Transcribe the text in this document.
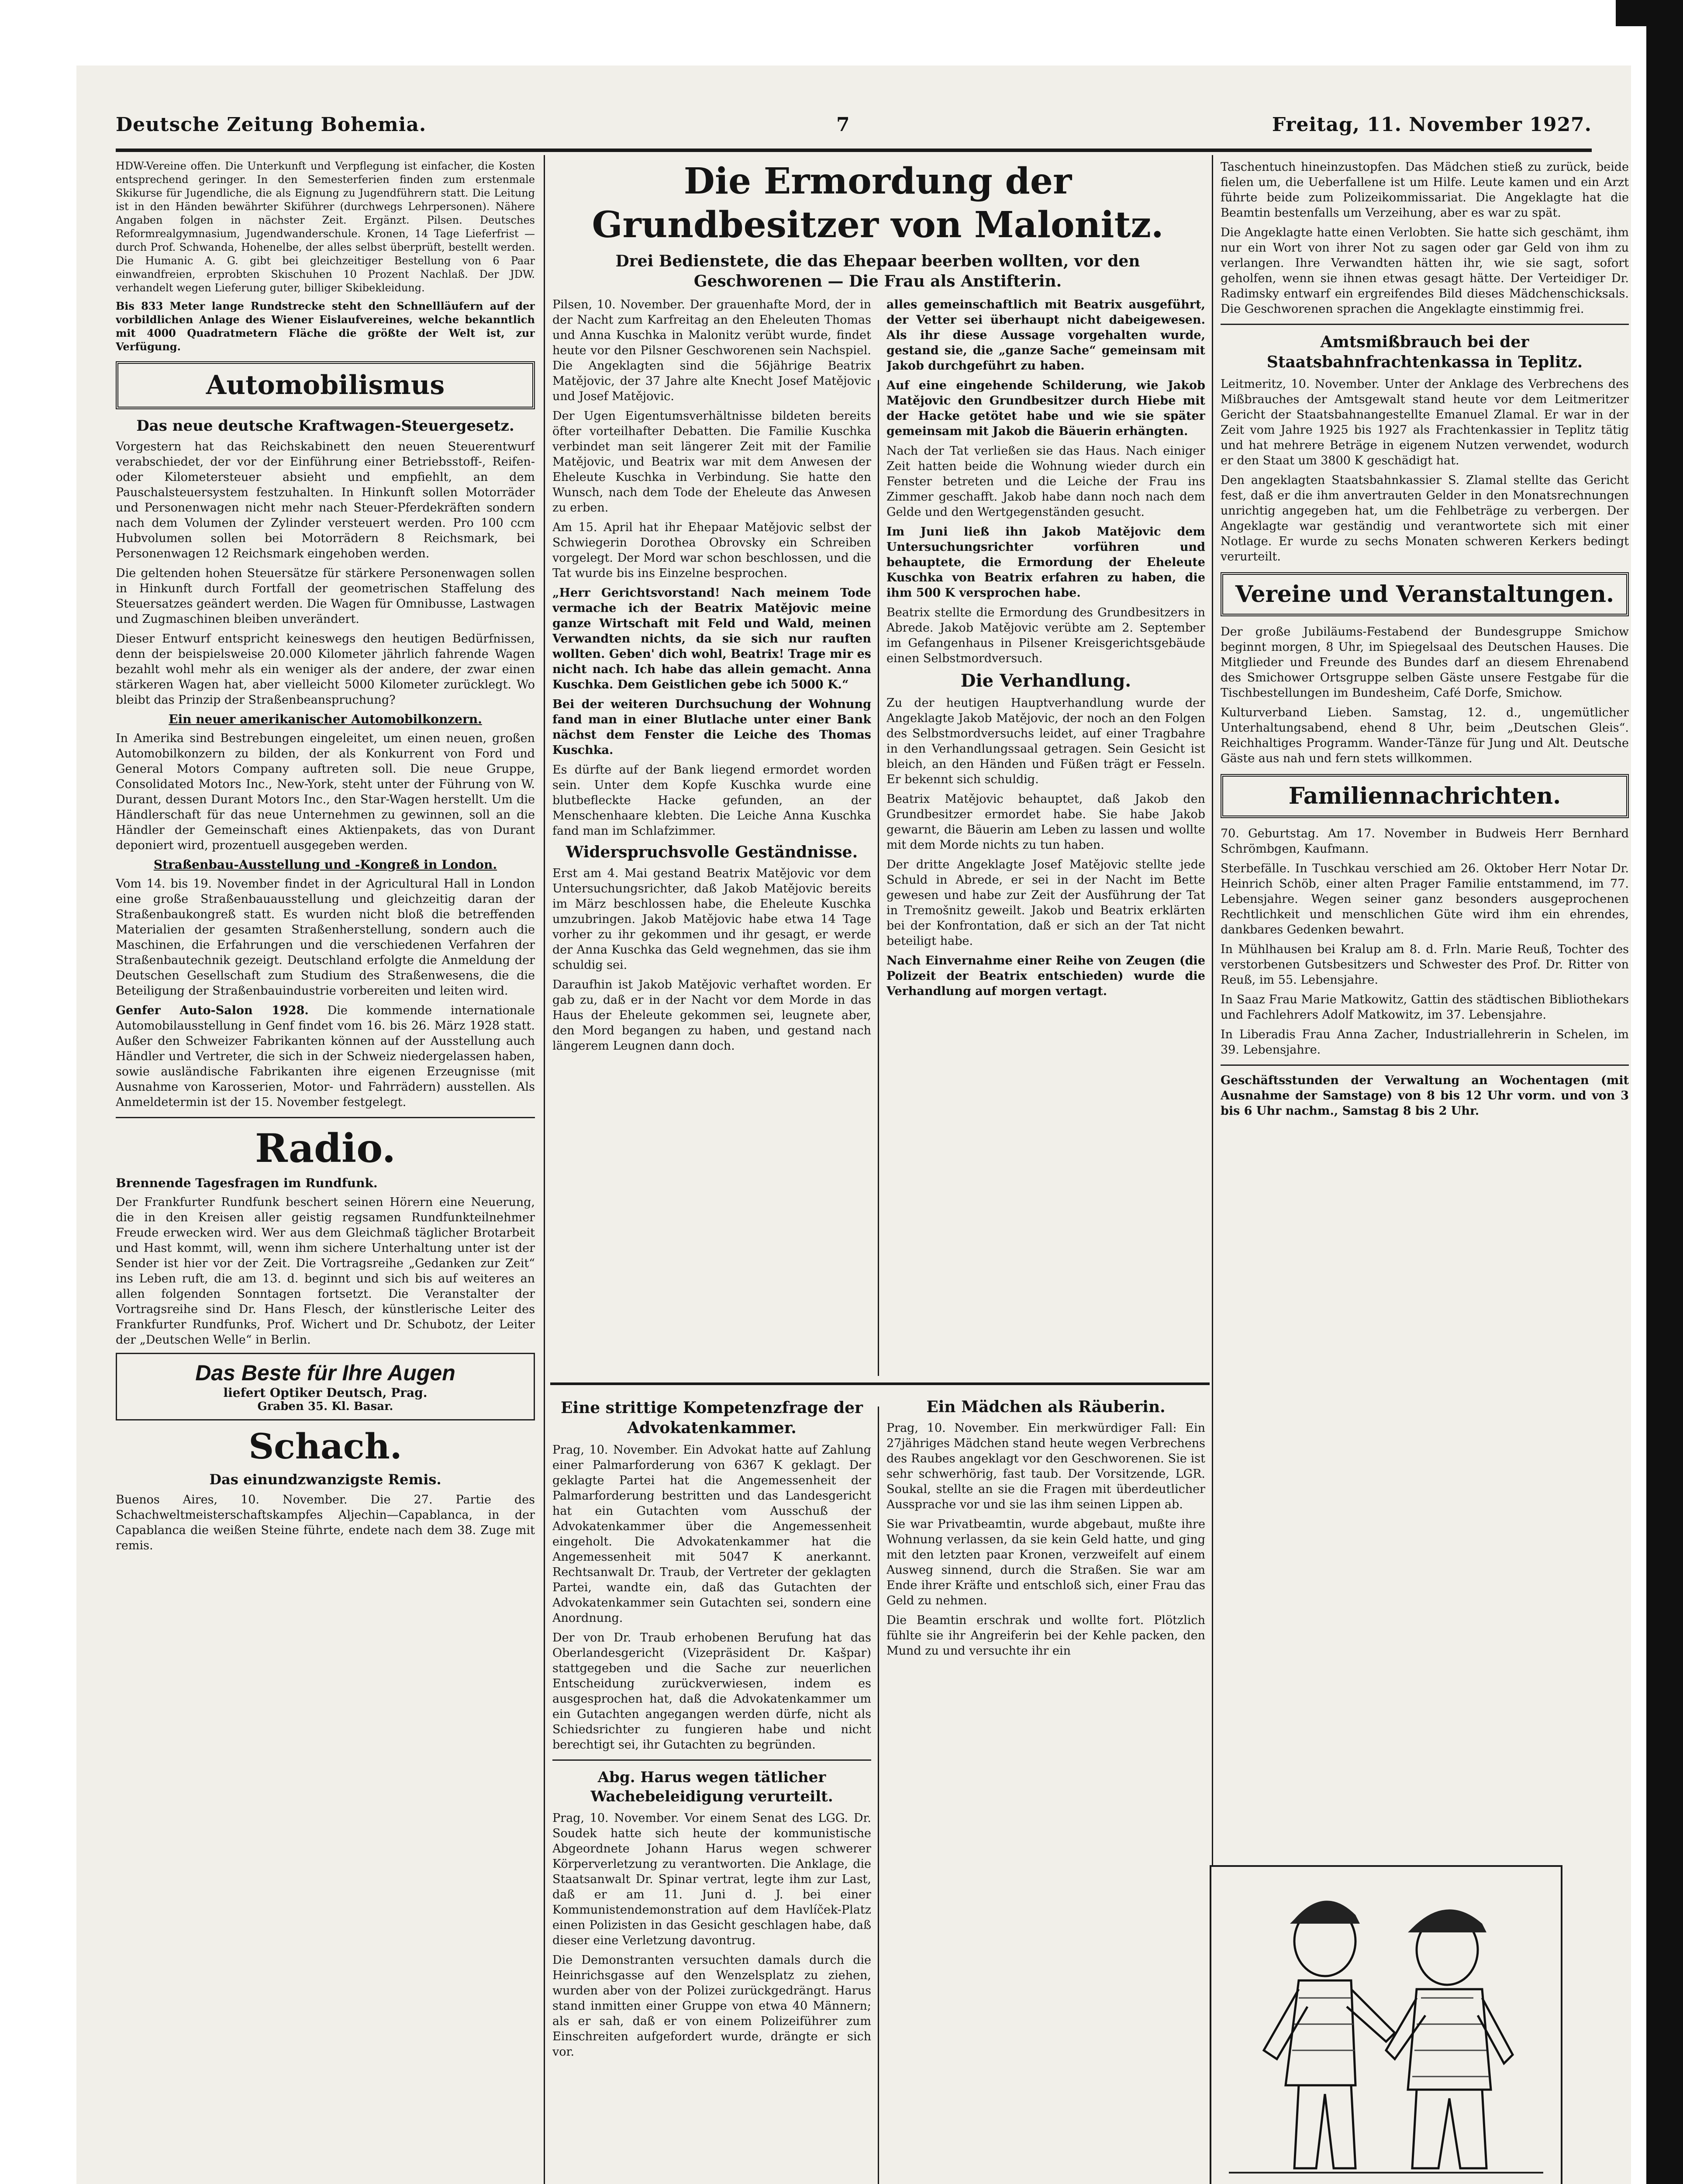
Deutsche Zeitung Bohemia.	7	Freitag, 11. November 1927.

HDW-Vereine offen. Die Unterkunft und Verpflegung ist einfacher, die Kosten entsprechend geringer. In den Semesterferien finden zum erstenmale Skikurse für Jugendliche, die als Eignung zu Jugendführern statt. Die Leitung ist in den Händen bewährter Skiführer (durchwegs Lehrpersonen). Nähere Angaben folgen in nächster Zeit. Ergänzt. Pilsen. Deutsches Reformrealgymnasium, Jugendwanderschule. Kronen, 14 Tage Lieferfrist — durch Prof. Schwanda, Hohenelbe, der alles selbst überprüft, bestellt werden. Die Humanic A. G. gibt bei gleichzeitiger Bestellung von 6 Paar einwandfreien, erprobten Skischuhen 10 Prozent Nachlaß. Der JDW. verhandelt wegen Lieferung guter, billiger Skibekleidung.

Bis 833 Meter lange Rundstrecke steht den Schnellläufern auf der vorbildlichen Anlage des Wiener Eislaufvereines, welche bekanntlich mit 4000 Quadratmetern Fläche die größte der Welt ist, zur Verfügung.

Automobilismus
Das neue deutsche Kraftwagen-Steuergesetz.

Vorgestern hat das Reichskabinett den neuen Steuerentwurf verabschiedet, der vor der Einführung einer Betriebsstoff-, Reifen- oder Kilometersteuer absieht und empfiehlt, an dem Pauschalsteuersystem festzuhalten. In Hinkunft sollen Motorräder und Personenwagen nicht mehr nach Steuer-Pferdekräften sondern nach dem Volumen der Zylinder versteuert werden. Pro 100 ccm Hubvolumen sollen bei Motorrädern 8 Reichsmark, bei Personenwagen 12 Reichsmark eingehoben werden.

Die geltenden hohen Steuersätze für stärkere Personenwagen sollen in Hinkunft durch Fortfall der geometrischen Staffelung des Steuersatzes geändert werden. Die Wagen für Omnibusse, Lastwagen und Zugmaschinen bleiben unverändert.

Dieser Entwurf entspricht keineswegs den heutigen Bedürfnissen, denn der beispielsweise 20.000 Kilometer jährlich fahrende Wagen bezahlt wohl mehr als ein weniger als der andere, der zwar einen stärkeren Wagen hat, aber vielleicht 5000 Kilometer zurücklegt. Wo bleibt das Prinzip der Straßenbeanspruchung?

Ein neuer amerikanischer Automobilkonzern.

In Amerika sind Bestrebungen eingeleitet, um einen neuen, großen Automobilkonzern zu bilden, der als Konkurrent von Ford und General Motors Company auftreten soll. Die neue Gruppe, Consolidated Motors Inc., New-York, steht unter der Führung von W. Durant, dessen Durant Motors Inc., den Star-Wagen herstellt. Um die Händlerschaft für das neue Unternehmen zu gewinnen, soll an die Händler der Gemeinschaft eines Aktienpakets, das von Durant deponiert wird, prozentuell ausgegeben werden.

Straßenbau-Ausstellung und -Kongreß in London.

Vom 14. bis 19. November findet in der Agricultural Hall in London eine große Straßenbauausstellung und gleichzeitig daran der Straßenbaukongreß statt. Es wurden nicht bloß die betreffenden Materialien der gesamten Straßenherstellung, sondern auch die Maschinen, die Erfahrungen und die verschiedenen Verfahren der Straßenbautechnik gezeigt. Deutschland erfolgte die Anmeldung der Deutschen Gesellschaft zum Studium des Straßenwesens, die die Beteiligung der Straßenbauindustrie vorbereiten und leiten wird.

Genfer Auto-Salon 1928. Die kommende internationale Automobilausstellung in Genf findet vom 16. bis 26. März 1928 statt. Außer den Schweizer Fabrikanten können auf der Ausstellung auch Händler und Vertreter, die sich in der Schweiz niedergelassen haben, sowie ausländische Fabrikanten ihre eigenen Erzeugnisse (mit Ausnahme von Karosserien, Motor- und Fahrrädern) ausstellen. Als Anmeldetermin ist der 15. November festgelegt.

Radio.
Brennende Tagesfragen im Rundfunk.

Der Frankfurter Rundfunk beschert seinen Hörern eine Neuerung, die in den Kreisen aller geistig regsamen Rundfunkteilnehmer Freude erwecken wird. Wer aus dem Gleichmaß täglicher Brotarbeit und Hast kommt, will, wenn ihm sichere Unterhaltung unter ist der Sender ist hier vor der Zeit. Die Vortragsreihe „Gedanken zur Zeit“ ins Leben ruft, die am 13. d. beginnt und sich bis auf weiteres an allen folgenden Sonntagen fortsetzt. Die Veranstalter der Vortragsreihe sind Dr. Hans Flesch, der künstlerische Leiter des Frankfurter Rundfunks, Prof. Wichert und Dr. Schubotz, der Leiter der „Deutschen Welle“ in Berlin.

Das Beste für Ihre Augen
liefert Optiker Deutsch, Prag.
Graben 35. Kl. Basar.
Schach.
Das einundzwanzigste Remis.

Buenos Aires, 10. November. Die 27. Partie des Schachweltmeisterschaftskampfes Aljechin—Capablanca, in der Capablanca die weißen Steine führte, endete nach dem 38. Zuge mit remis.

Die Ermordung der Grundbesitzer von Malonitz.
Drei Bedienstete, die das Ehepaar beerben wollten, vor den Geschworenen — Die Frau als Anstifterin.

Pilsen, 10. November. Der grauenhafte Mord, der in der Nacht zum Karfreitag an den Eheleuten Thomas und Anna Kuschka in Malonitz verübt wurde, findet heute vor den Pilsner Geschworenen sein Nachspiel. Die Angeklagten sind die 56jährige Beatrix Matějovic, der 37 Jahre alte Knecht Josef Matějovic und Josef Matějovic.

Der Ugen Eigentumsverhältnisse bildeten bereits öfter vorteilhafter Debatten. Die Familie Kuschka verbindet man seit längerer Zeit mit der Familie Matějovic, und Beatrix war mit dem Anwesen der Eheleute Kuschka in Verbindung. Sie hatte den Wunsch, nach dem Tode der Eheleute das Anwesen zu erben.

Am 15. April hat ihr Ehepaar Matějovic selbst der Schwiegerin Dorothea Obrovsky ein Schreiben vorgelegt. Der Mord war schon beschlossen, und die Tat wurde bis ins Einzelne besprochen.

„Herr Gerichtsvorstand! Nach meinem Tode vermache ich der Beatrix Matějovic meine ganze Wirtschaft mit Feld und Wald, meinen Verwandten nichts, da sie sich nur rauften wollten. Geben' dich wohl, Beatrix! Trage mir es nicht nach. Ich habe das allein gemacht. Anna Kuschka. Dem Geistlichen gebe ich 5000 K.“

Bei der weiteren Durchsuchung der Wohnung fand man in einer Blutlache unter einer Bank nächst dem Fenster die Leiche des Thomas Kuschka.

Es dürfte auf der Bank liegend ermordet worden sein. Unter dem Kopfe Kuschka wurde eine blutbefleckte Hacke gefunden, an der Menschenhaare klebten. Die Leiche Anna Kuschka fand man im Schlafzimmer.

Widerspruchsvolle Geständnisse.

Erst am 4. Mai gestand Beatrix Matějovic vor dem Untersuchungsrichter, daß Jakob Matějovic bereits im März beschlossen habe, die Eheleute Kuschka umzubringen. Jakob Matějovic habe etwa 14 Tage vorher zu ihr gekommen und ihr gesagt, er werde der Anna Kuschka das Geld wegnehmen, das sie ihm schuldig sei.

Daraufhin ist Jakob Matějovic verhaftet worden. Er gab zu, daß er in der Nacht vor dem Morde in das Haus der Eheleute gekommen sei, leugnete aber, den Mord begangen zu haben, und gestand nach längerem Leugnen dann doch.

alles gemeinschaftlich mit Beatrix ausgeführt, der Vetter sei überhaupt nicht dabeigewesen. Als ihr diese Aussage vorgehalten wurde, gestand sie, die „ganze Sache“ gemeinsam mit Jakob durchgeführt zu haben.

Auf eine eingehende Schilderung, wie Jakob Matějovic den Grundbesitzer durch Hiebe mit der Hacke getötet habe und wie sie später gemeinsam mit Jakob die Bäuerin erhängten.

Nach der Tat verließen sie das Haus. Nach einiger Zeit hatten beide die Wohnung wieder durch ein Fenster betreten und die Leiche der Frau ins Zimmer geschafft. Jakob habe dann noch nach dem Gelde und den Wertgegenständen gesucht.

Im Juni ließ ihn Jakob Matějovic dem Untersuchungsrichter vorführen und behauptete, die Ermordung der Eheleute Kuschka von Beatrix erfahren zu haben, die ihm 500 K versprochen habe.

Beatrix stellte die Ermordung des Grundbesitzers in Abrede. Jakob Matějovic verübte am 2. September im Gefangenhaus in Pilsener Kreisgerichtsgebäude einen Selbstmordversuch.

Die Verhandlung.

Zu der heutigen Hauptverhandlung wurde der Angeklagte Jakob Matějovic, der noch an den Folgen des Selbstmordversuchs leidet, auf einer Tragbahre in den Verhandlungssaal getragen. Sein Gesicht ist bleich, an den Händen und Füßen trägt er Fesseln. Er bekennt sich schuldig.

Beatrix Matějovic behauptet, daß Jakob den Grundbesitzer ermordet habe. Sie habe Jakob gewarnt, die Bäuerin am Leben zu lassen und wollte mit dem Morde nichts zu tun haben.

Der dritte Angeklagte Josef Matějovic stellte jede Schuld in Abrede, er sei in der Nacht im Bette gewesen und habe zur Zeit der Ausführung der Tat in Tremošnitz geweilt. Jakob und Beatrix erklärten bei der Konfrontation, daß er sich an der Tat nicht beteiligt habe.

Nach Einvernahme einer Reihe von Zeugen (die Polizeit der Beatrix entschieden) wurde die Verhandlung auf morgen vertagt.

Eine strittige Kompetenzfrage der Advokatenkammer.

Prag, 10. November. Ein Advokat hatte auf Zahlung einer Palmarforderung von 6367 K geklagt. Der geklagte Partei hat die Angemessenheit der Palmarforderung bestritten und das Landesgericht hat ein Gutachten vom Ausschuß der Advokatenkammer über die Angemessenheit eingeholt. Die Advokatenkammer hat die Angemessenheit mit 5047 K anerkannt. Rechtsanwalt Dr. Traub, der Vertreter der geklagten Partei, wandte ein, daß das Gutachten der Advokatenkammer sein Gutachten sei, sondern eine Anordnung.

Der von Dr. Traub erhobenen Berufung hat das Oberlandesgericht (Vizepräsident Dr. Kašpar) stattgegeben und die Sache zur neuerlichen Entscheidung zurückverwiesen, indem es ausgesprochen hat, daß die Advokatenkammer um ein Gutachten angegangen werden dürfe, nicht als Schiedsrichter zu fungieren habe und nicht berechtigt sei, ihr Gutachten zu begründen.

Abg. Harus wegen tätlicher Wachebeleidigung verurteilt.

Prag, 10. November. Vor einem Senat des LGG. Dr. Soudek hatte sich heute der kommunistische Abgeordnete Johann Harus wegen schwerer Körperverletzung zu verantworten. Die Anklage, die Staatsanwalt Dr. Spinar vertrat, legte ihm zur Last, daß er am 11. Juni d. J. bei einer Kommunistendemonstration auf dem Havlíček-Platz einen Polizisten in das Gesicht geschlagen habe, daß dieser eine Verletzung davontrug.

Die Demonstranten versuchten damals durch die Heinrichsgasse auf den Wenzelsplatz zu ziehen, wurden aber von der Polizei zurückgedrängt. Harus stand inmitten einer Gruppe von etwa 40 Männern; als er sah, daß er von einem Polizeiführer zum Einschreiten aufgefordert wurde, drängte er sich vor.

Ein Mädchen als Räuberin.

Prag, 10. November. Ein merkwürdiger Fall: Ein 27jähriges Mädchen stand heute wegen Verbrechens des Raubes angeklagt vor den Geschworenen. Sie ist sehr schwerhörig, fast taub. Der Vorsitzende, LGR. Soukal, stellte an sie die Fragen mit überdeutlicher Aussprache vor und sie las ihm seinen Lippen ab.

Sie war Privatbeamtin, wurde abgebaut, mußte ihre Wohnung verlassen, da sie kein Geld hatte, und ging mit den letzten paar Kronen, verzweifelt auf einem Ausweg sinnend, durch die Straßen. Sie war am Ende ihrer Kräfte und entschloß sich, einer Frau das Geld zu nehmen.

Die Beamtin erschrak und wollte fort. Plötzlich fühlte sie ihr Angreiferin bei der Kehle packen, den Mund zu und versuchte ihr ein

Taschentuch hineinzustopfen. Das Mädchen stieß zu zurück, beide fielen um, die Ueberfallene ist um Hilfe. Leute kamen und ein Arzt führte beide zum Polizeikommissariat. Die Angeklagte hat die Beamtin bestenfalls um Verzeihung, aber es war zu spät.

Die Angeklagte hatte einen Verlobten. Sie hatte sich geschämt, ihm nur ein Wort von ihrer Not zu sagen oder gar Geld von ihm zu verlangen. Ihre Verwandten hätten ihr, wie sie sagt, sofort geholfen, wenn sie ihnen etwas gesagt hätte. Der Verteidiger Dr. Radimsky entwarf ein ergreifendes Bild dieses Mädchenschicksals. Die Geschworenen sprachen die Angeklagte einstimmig frei.

Amtsmißbrauch bei der Staatsbahnfrachtenkassa in Teplitz.

Leitmeritz, 10. November. Unter der Anklage des Verbrechens des Mißbrauches der Amtsgewalt stand heute vor dem Leitmeritzer Gericht der Staatsbahnangestellte Emanuel Zlamal. Er war in der Zeit vom Jahre 1925 bis 1927 als Frachtenkassier in Teplitz tätig und hat mehrere Beträge in eigenem Nutzen verwendet, wodurch er den Staat um 3800 K geschädigt hat.

Den angeklagten Staatsbahnkassier S. Zlamal stellte das Gericht fest, daß er die ihm anvertrauten Gelder in den Monatsrechnungen unrichtig angegeben hat, um die Fehlbeträge zu verbergen. Der Angeklagte war geständig und verantwortete sich mit einer Notlage. Er wurde zu sechs Monaten schweren Kerkers bedingt verurteilt.

Vereine und Veranstaltungen.

Der große Jubiläums-Festabend der Bundesgruppe Smichow beginnt morgen, 8 Uhr, im Spiegelsaal des Deutschen Hauses. Die Mitglieder und Freunde des Bundes darf an diesem Ehrenabend des Smichower Ortsgruppe selben Gäste unsere Festgabe für die Tischbestellungen im Bundesheim, Café Dorfe, Smichow.

Kulturverband Lieben. Samstag, 12. d., ungemütlicher Unterhaltungsabend, ehend 8 Uhr, beim „Deutschen Gleis“. Reichhaltiges Programm. Wander-Tänze für Jung und Alt. Deutsche Gäste aus nah und fern stets willkommen.

Familiennachrichten.

70. Geburtstag. Am 17. November in Budweis Herr Bernhard Schrömbgen, Kaufmann.

Sterbefälle. In Tuschkau verschied am 26. Oktober Herr Notar Dr. Heinrich Schöb, einer alten Prager Familie entstammend, im 77. Lebensjahre. Wegen seiner ganz besonders ausgeprochenen Rechtlichkeit und menschlichen Güte wird ihm ein ehrendes, dankbares Gedenken bewahrt.

In Mühlhausen bei Kralup am 8. d. Frln. Marie Reuß, Tochter des verstorbenen Gutsbesitzers und Schwester des Prof. Dr. Ritter von Reuß, im 55. Lebensjahre.

In Saaz Frau Marie Matkowitz, Gattin des städtischen Bibliothekars und Fachlehrers Adolf Matkowitz, im 37. Lebensjahre.

In Liberadis Frau Anna Zacher, Industriallehrerin in Schelen, im 39. Lebensjahre.

Geschäftsstunden der Verwaltung an Wochentagen (mit Ausnahme der Samstage) von 8 bis 12 Uhr vorm. und von 3 bis 6 Uhr nachm., Samstag 8 bis 2 Uhr.
